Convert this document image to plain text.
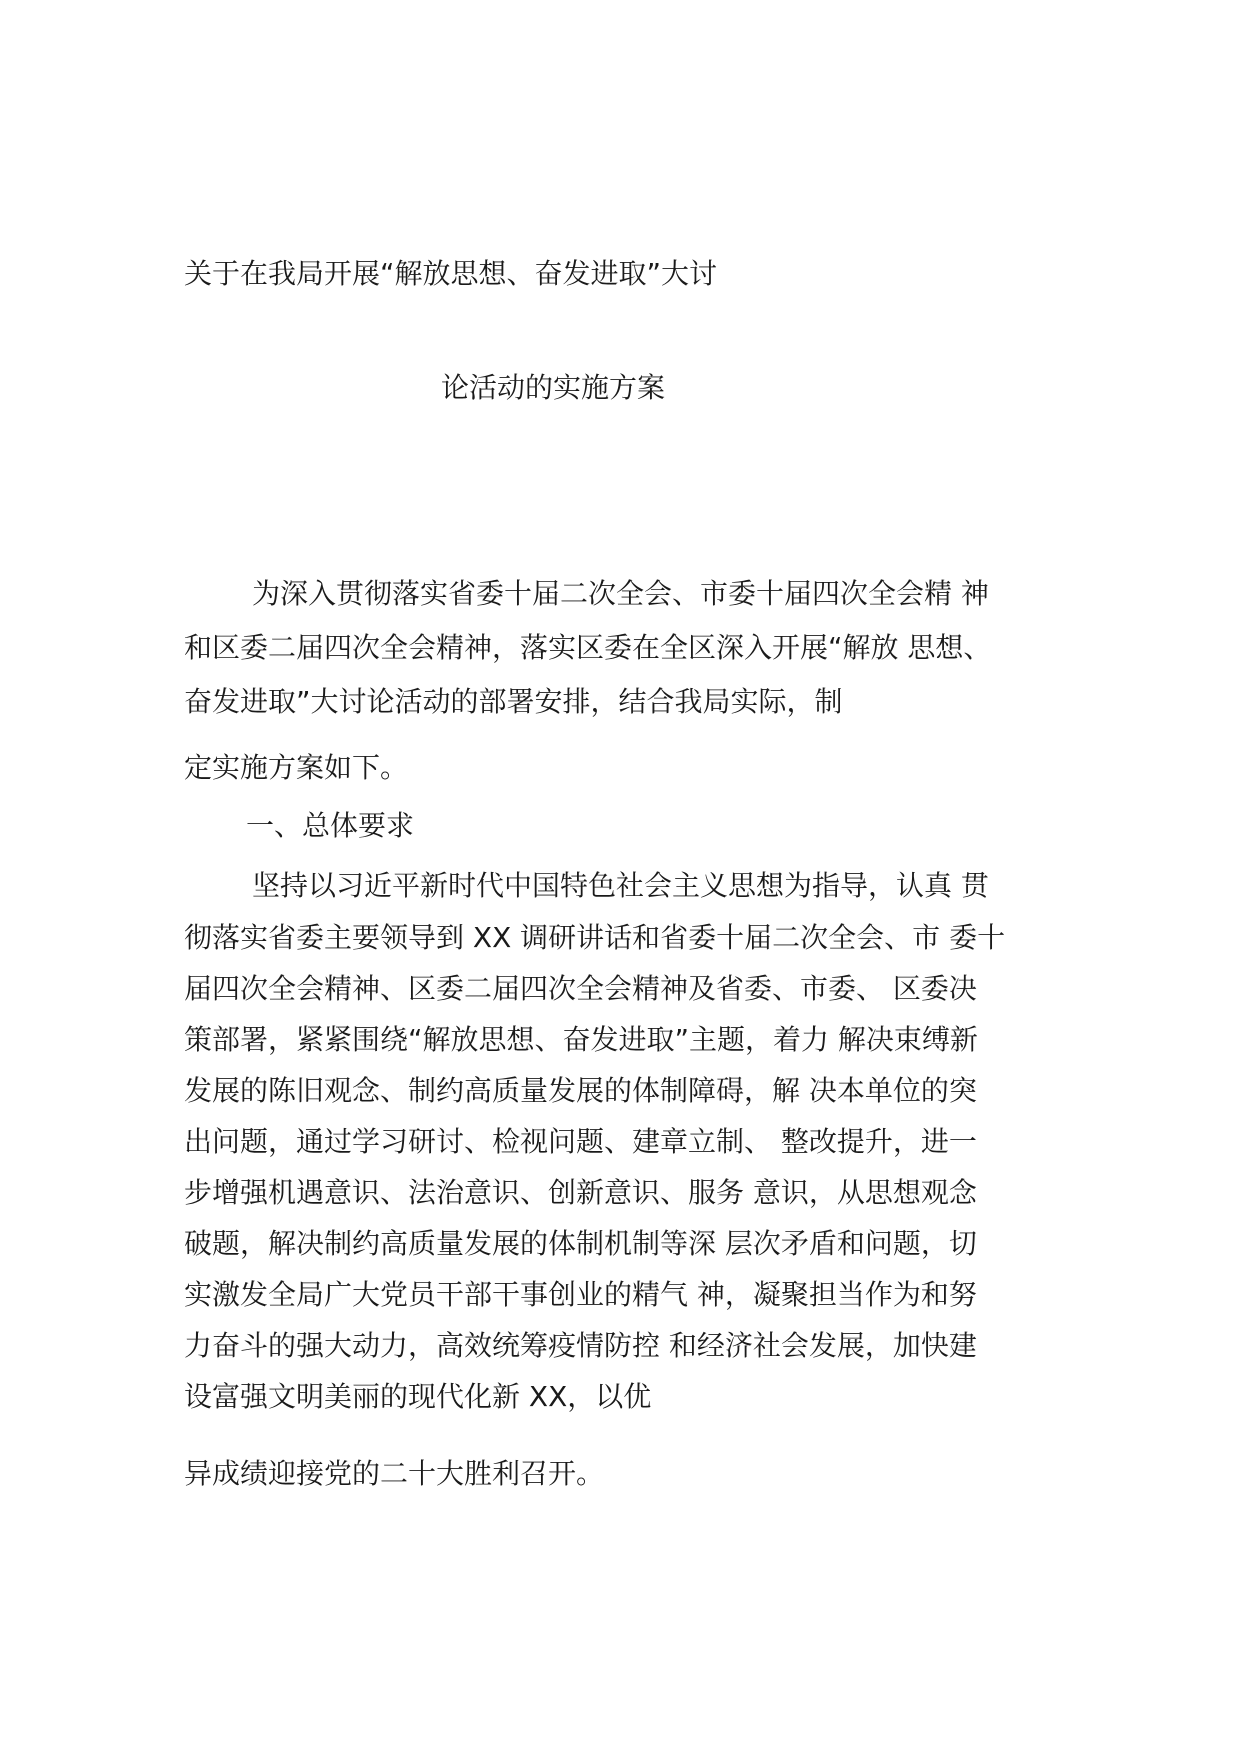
关于在我局开展“解放思想、奋发进取”大讨

论活动的实施方案

为深入贯彻落实省委十届二次全会、市委十届四次全会精 神

和区委二届四次全会精神，落实区委在全区深入开展“解放 思想、

奋发进取”大讨论活动的部署安排，结合我局实际，制

定实施方案如下。

一、总体要求

坚持以习近平新时代中国特色社会主义思想为指导，认真 贯

彻落实省委主要领导到 XX 调研讲话和省委十届二次全会、市 委十

届四次全会精神、区委二届四次全会精神及省委、市委、 区委决

策部署，紧紧围绕“解放思想、奋发进取”主题，着力 解决束缚新

发展的陈旧观念、制约高质量发展的体制障碍，解 决本单位的突

出问题，通过学习研讨、检视问题、建章立制、 整改提升，进一

步增强机遇意识、法治意识、创新意识、服务 意识，从思想观念

破题，解决制约高质量发展的体制机制等深 层次矛盾和问题，切

实激发全局广大党员干部干事创业的精气 神，凝聚担当作为和努

力奋斗的强大动力，高效统筹疫情防控 和经济社会发展，加快建

设富强文明美丽的现代化新 XX，以优

异成绩迎接党的二十大胜利召开。
